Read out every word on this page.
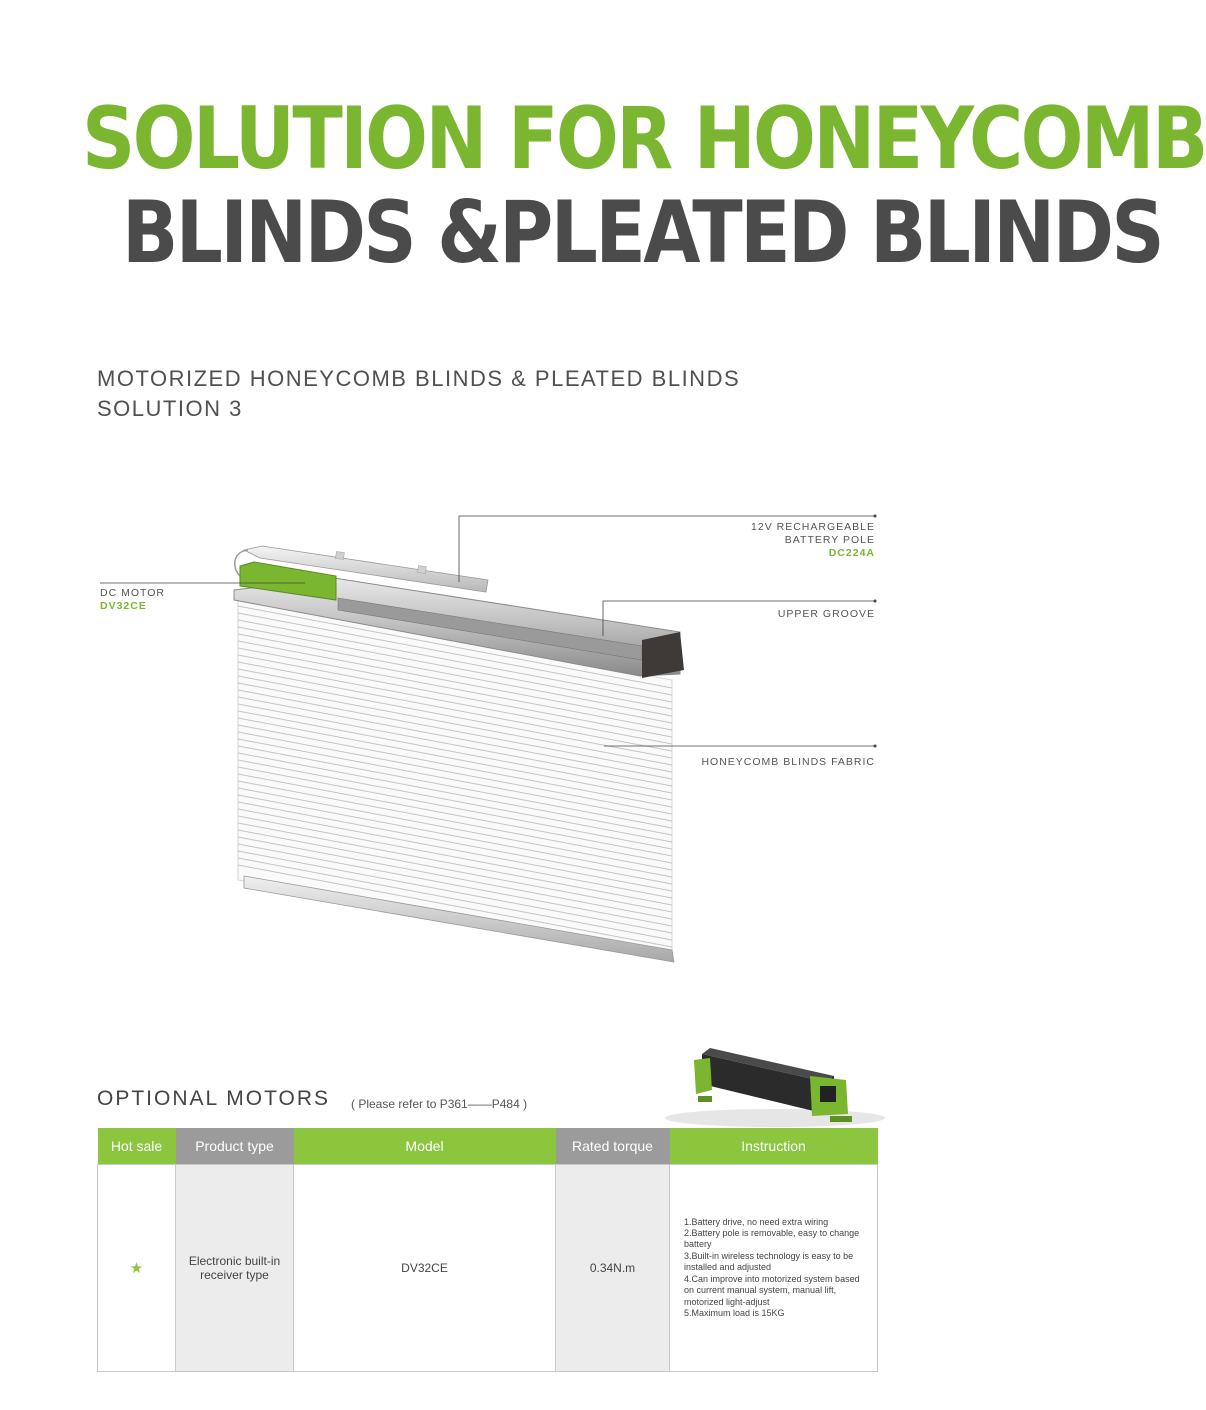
SOLUTION FOR HONEYCOMB
BLINDS &PLEATED BLINDS
MOTORIZED HONEYCOMB BLINDS & PLEATED BLINDS
SOLUTION 3
12V RECHARGEABLE
BATTERY POLE
DC224A
DC MOTOR
DV32CE
UPPER GROOVE
HONEYCOMB BLINDS FABRIC
OPTIONAL MOTORS ( Please refer to P361——P484 )
Hot sale	Product type	Model	Rated torque	Instruction
★	Electronic built-in receiver type	DV32CE	0.34N.m	1.Battery drive, no need extra wiring
2.Battery pole is removable, easy to change battery
3.Built-in wireless technology is easy to be installed and adjusted
4.Can improve into motorized system based on current manual system, manual lift, motorized light-adjust
5.Maximum load is 15KG
